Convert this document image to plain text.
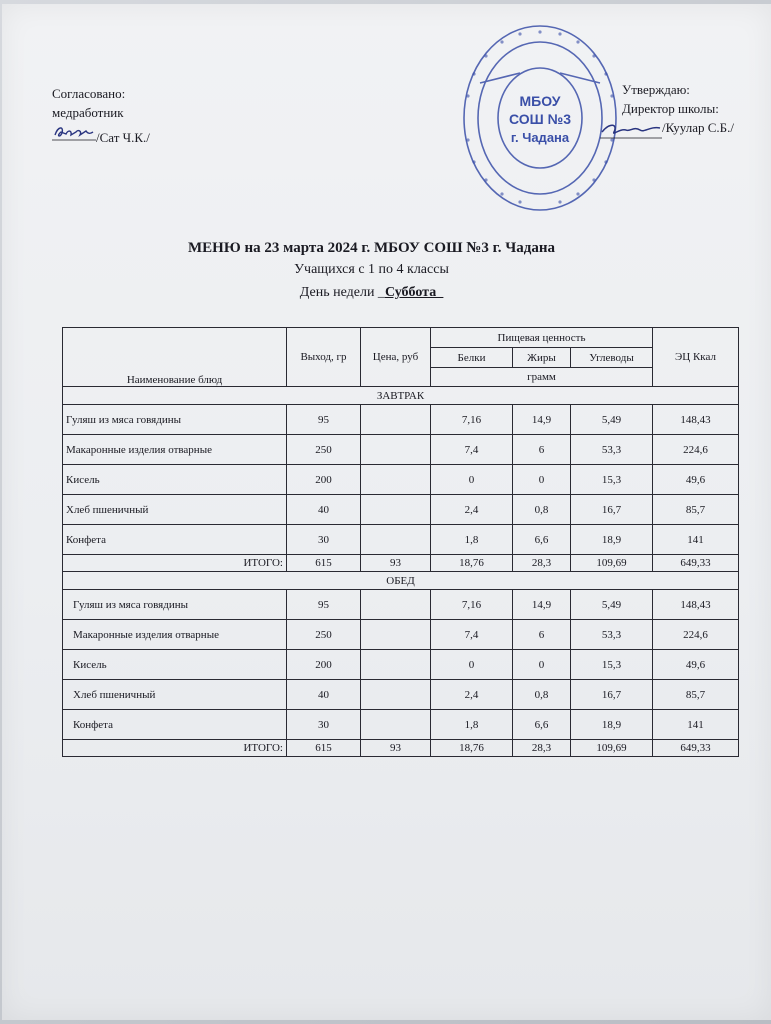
Согласовано:
медработник
/Сат Ч.К./
МБОУ
СОШ №3
г. Чадана
Утверждаю:
Директор школы:
/Куулар С.Б./
МЕНЮ на 23 марта 2024 г. МБОУ СОШ №3 г. Чадана
Учащихся с 1 по 4 классы
День недели _Суббота_
Наименование блюд	Выход, гр	Цена, руб	Пищевая ценность			ЭЦ Ккал
			Белки	Жиры	Углеводы	
			грамм			
ЗАВТРАК						
Гуляш из мяса говядины	95		7,16	14,9	5,49	148,43
Макаронные изделия отварные	250		7,4	6	53,3	224,6
Кисель	200		0	0	15,3	49,6
Хлеб пшеничный	40		2,4	0,8	16,7	85,7
Конфета	30		1,8	6,6	18,9	141
ИТОГО:	615	93	18,76	28,3	109,69	649,33
ОБЕД						
Гуляш из мяса говядины	95		7,16	14,9	5,49	148,43
Макаронные изделия отварные	250		7,4	6	53,3	224,6
Кисель	200		0	0	15,3	49,6
Хлеб пшеничный	40		2,4	0,8	16,7	85,7
Конфета	30		1,8	6,6	18,9	141
ИТОГО:	615	93	18,76	28,3	109,69	649,33
